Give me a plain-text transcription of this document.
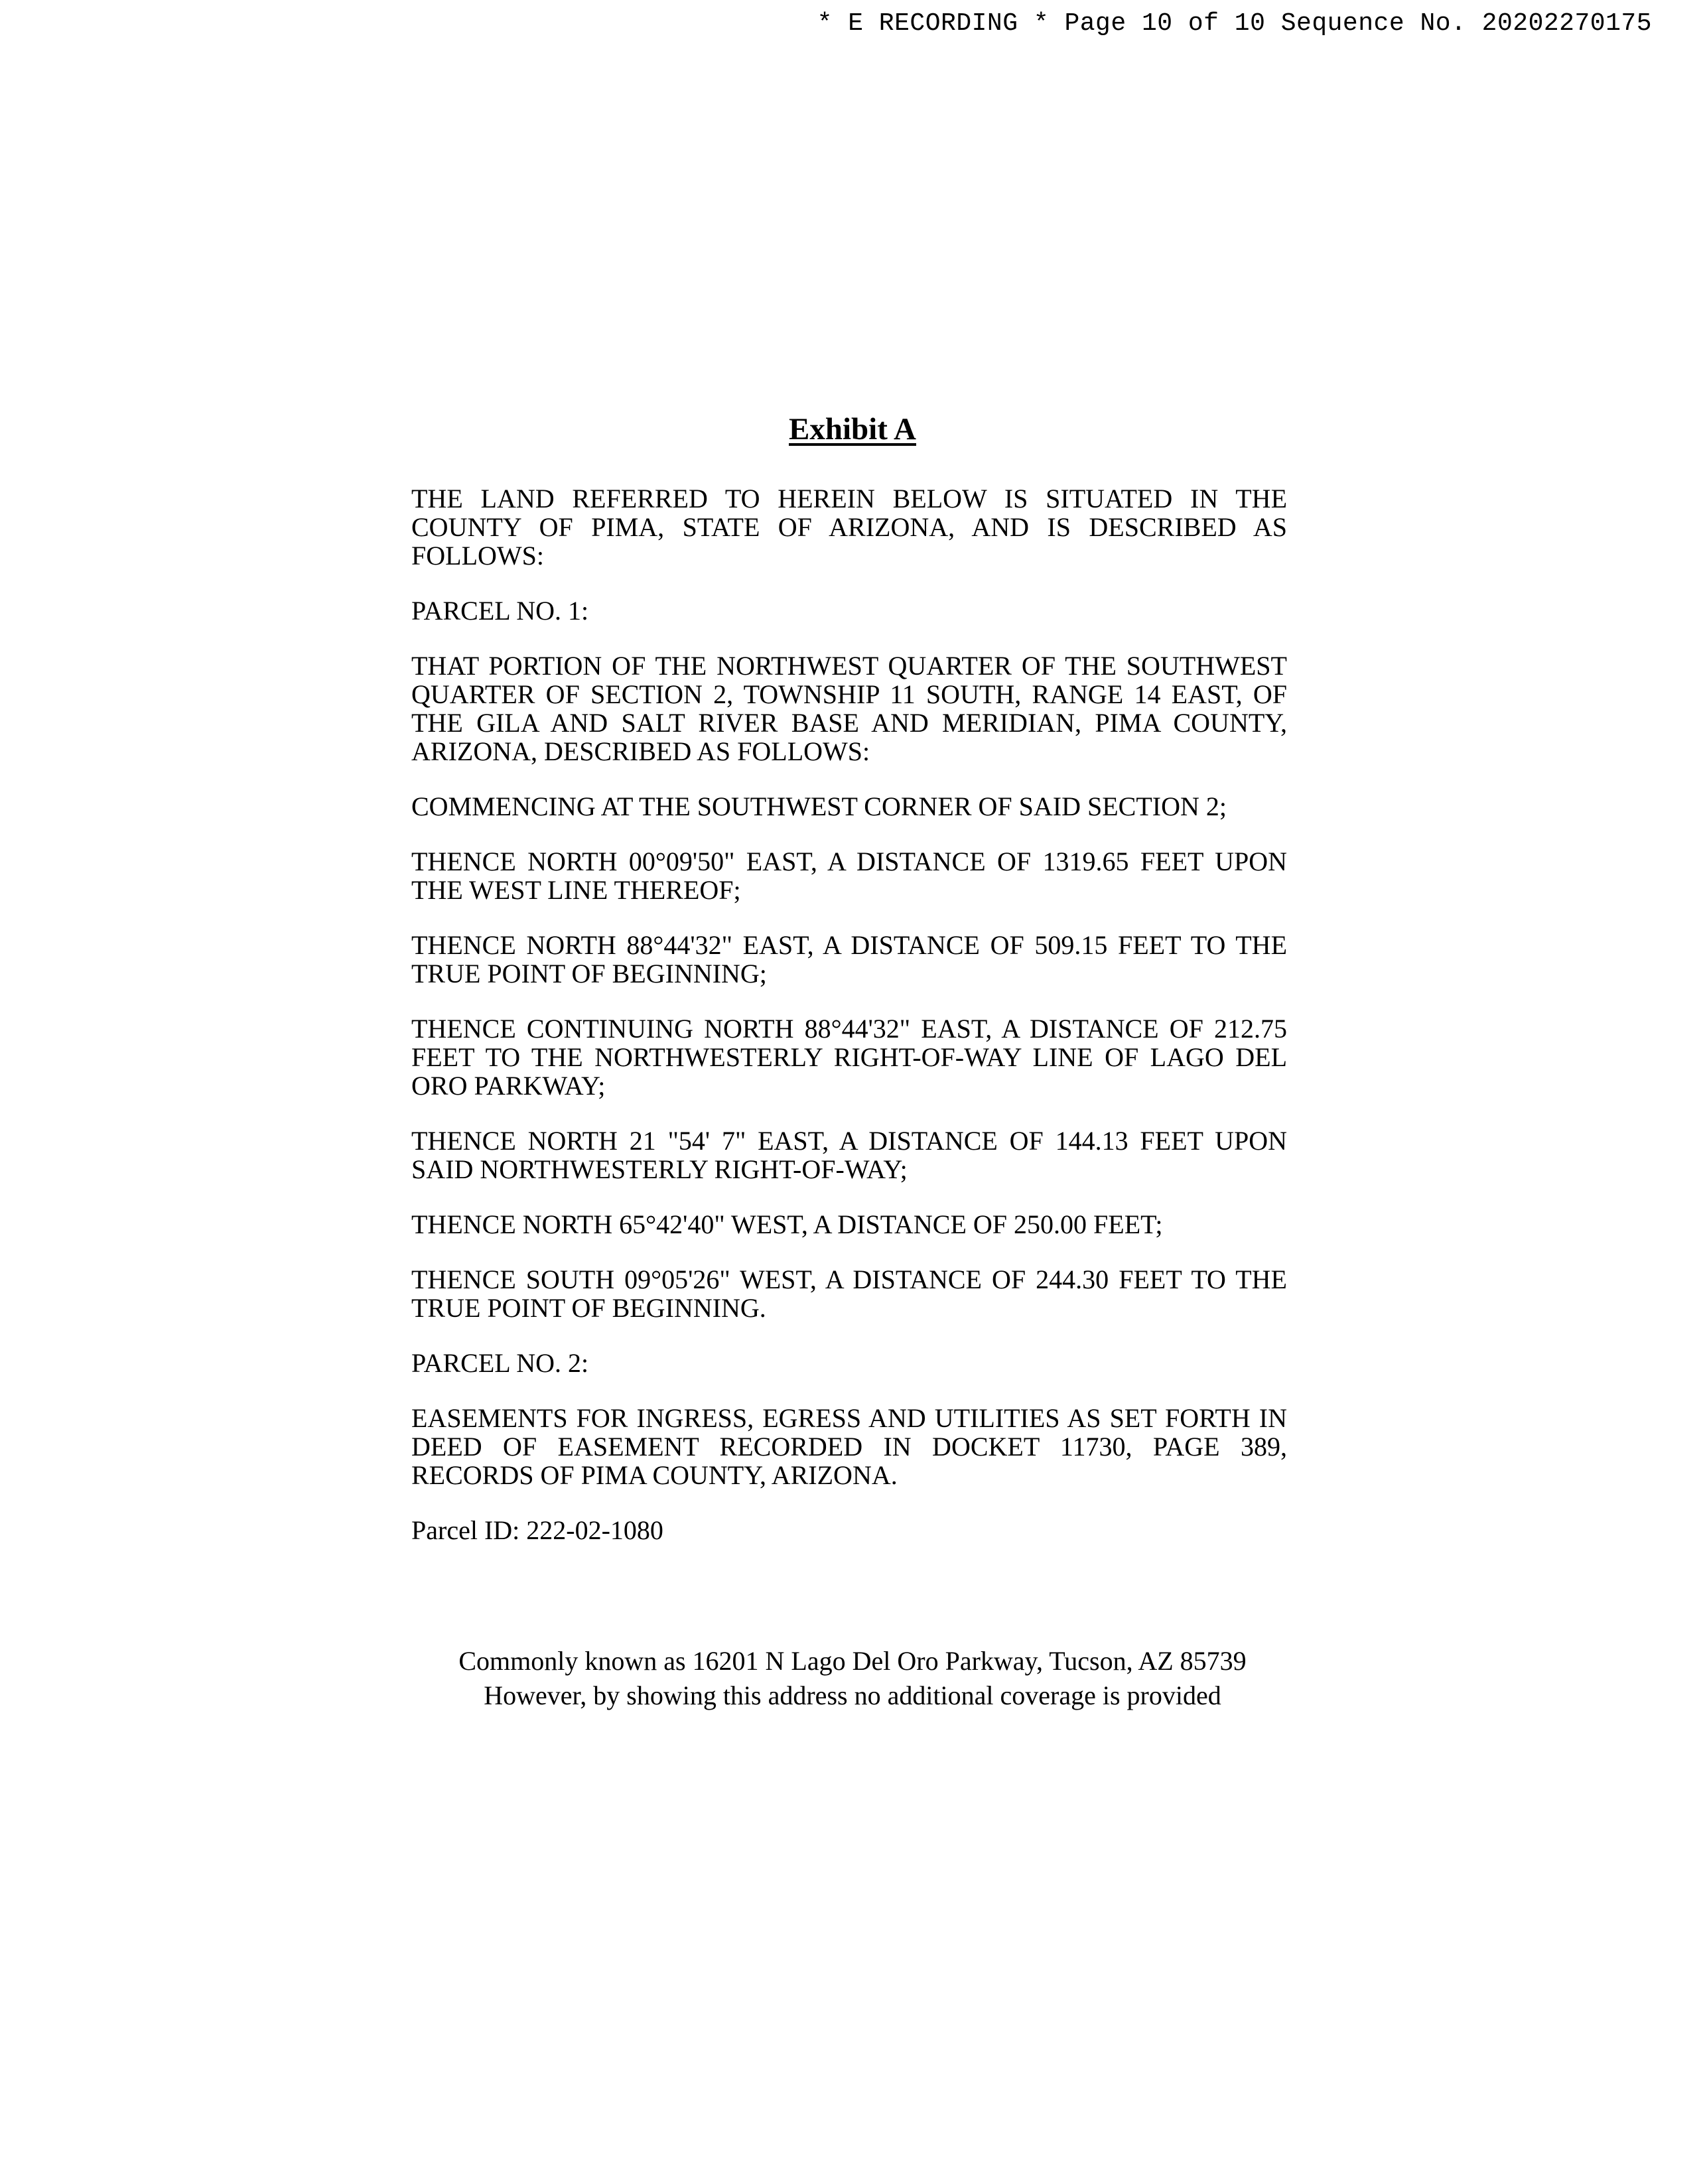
* E RECORDING * Page 10 of 10 Sequence No. 20202270175
Exhibit A

THE LAND REFERRED TO HEREIN BELOW IS SITUATED IN THE COUNTY OF PIMA, STATE OF ARIZONA, AND IS DESCRIBED AS FOLLOWS:

PARCEL NO. 1:

THAT PORTION OF THE NORTHWEST QUARTER OF THE SOUTHWEST QUARTER OF SECTION 2, TOWNSHIP 11 SOUTH, RANGE 14 EAST, OF THE GILA AND SALT RIVER BASE AND MERIDIAN, PIMA COUNTY, ARIZONA, DESCRIBED AS FOLLOWS:

COMMENCING AT THE SOUTHWEST CORNER OF SAID SECTION 2;

THENCE NORTH 00°09'50" EAST, A DISTANCE OF 1319.65 FEET UPON THE WEST LINE THEREOF;

THENCE NORTH 88°44'32" EAST, A DISTANCE OF 509.15 FEET TO THE TRUE POINT OF BEGINNING;

THENCE CONTINUING NORTH 88°44'32" EAST, A DISTANCE OF 212.75 FEET TO THE NORTHWESTERLY RIGHT-OF-WAY LINE OF LAGO DEL ORO PARKWAY;

THENCE NORTH 21 "54' 7" EAST, A DISTANCE OF 144.13 FEET UPON SAID NORTHWESTERLY RIGHT-OF-WAY;

THENCE NORTH 65°42'40" WEST, A DISTANCE OF 250.00 FEET;

THENCE SOUTH 09°05'26" WEST, A DISTANCE OF 244.30 FEET TO THE TRUE POINT OF BEGINNING.

PARCEL NO. 2:

EASEMENTS FOR INGRESS, EGRESS AND UTILITIES AS SET FORTH IN DEED OF EASEMENT RECORDED IN DOCKET 11730, PAGE 389, RECORDS OF PIMA COUNTY, ARIZONA.

Parcel ID: 222-02-1080

Commonly known as 16201 N Lago Del Oro Parkway, Tucson, AZ 85739
However, by showing this address no additional coverage is provided
